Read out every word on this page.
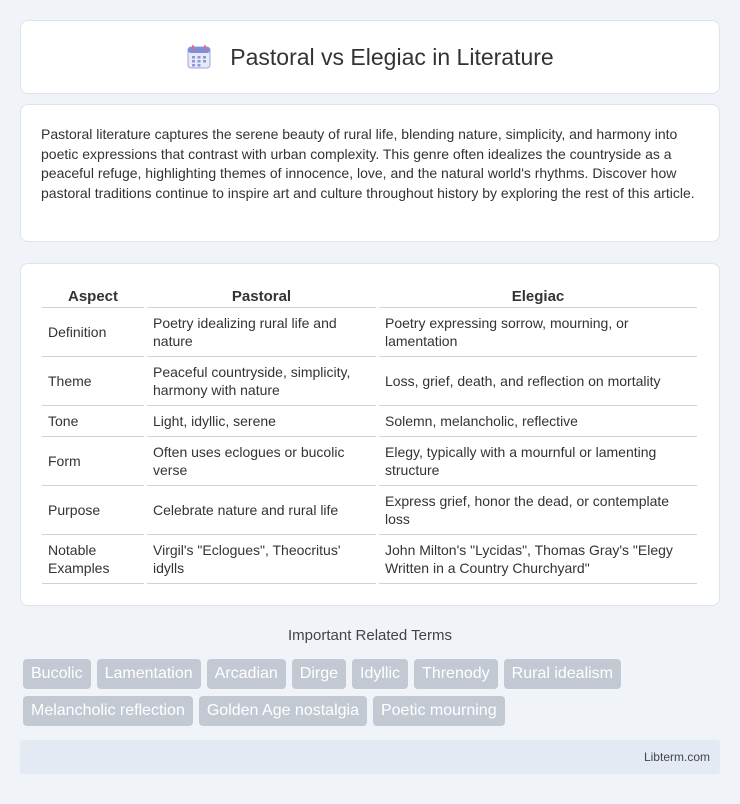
Pastoral vs Elegiac in Literature

Pastoral literature captures the serene beauty of rural life, blending nature, simplicity, and harmony into poetic expressions that contrast with urban complexity. This genre often idealizes the countryside as a peaceful refuge, highlighting themes of innocence, love, and the natural world's rhythms. Discover how pastoral traditions continue to inspire art and culture throughout history by exploring the rest of this article.

Aspect	Pastoral	Elegiac
Definition	Poetry idealizing rural life and nature	Poetry expressing sorrow, mourning, or lamentation
Theme	Peaceful countryside, simplicity, harmony with nature	Loss, grief, death, and reflection on mortality
Tone	Light, idyllic, serene	Solemn, melancholic, reflective
Form	Often uses eclogues or bucolic verse	Elegy, typically with a mournful or lamenting structure
Purpose	Celebrate nature and rural life	Express grief, honor the dead, or contemplate loss
Notable Examples	Virgil's "Eclogues", Theocritus' idylls	John Milton's "Lycidas", Thomas Gray's "Elegy Written in a Country Churchyard"
Important Related Terms
Bucolic	Lamentation	Arcadian	Dirge	Idyllic	Threnody	Rural idealism
Melancholic reflection	Golden Age nostalgia	Poetic mourning
Libterm.com
